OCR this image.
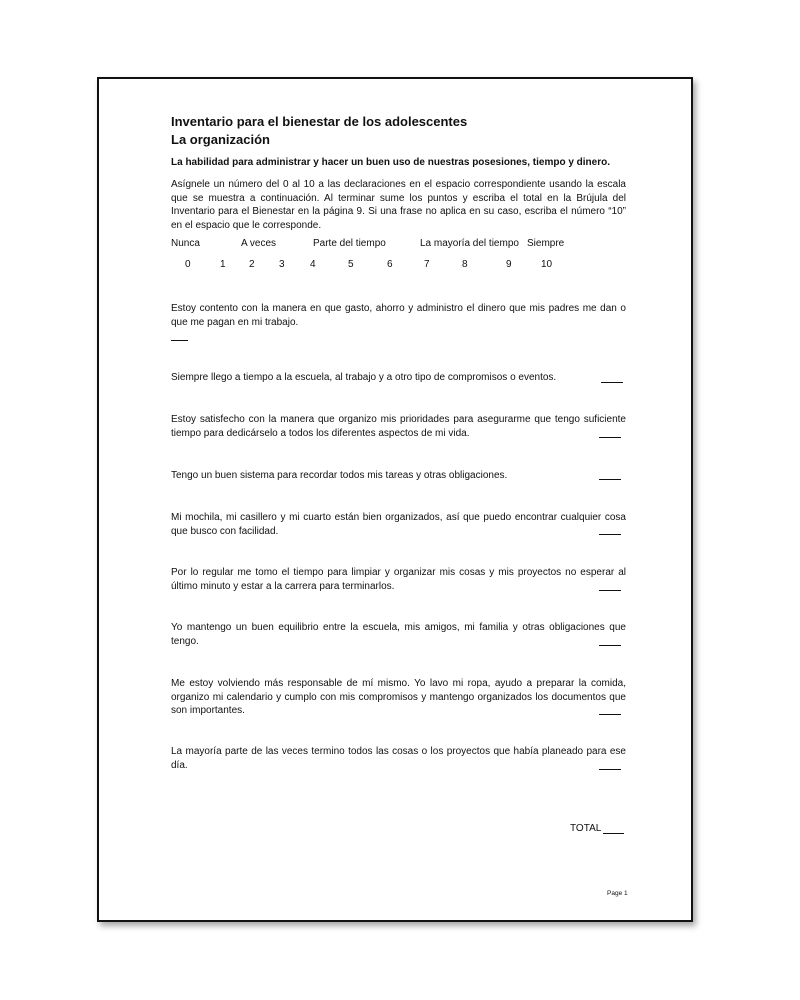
Inventario para el bienestar de los adolescentes
La organización
La habilidad para administrar y hacer un buen uso de nuestras posesiones, tiempo y dinero.
Asígnele un número del 0 al 10 a las declaraciones en el espacio correspondiente usando la escala que se muestra a continuación. Al terminar sume los puntos y escriba el total en la Brújula del Inventario para el Bienestar en la página 9. Si una frase no aplica en su caso, escriba el número “10” en el espacio que le corresponde.
Nunca	A veces	Parte del tiempo	La mayoría del tiempo Siempre
0	1 2 3	4	5	6	7	8	9	10
Estoy contento con la manera en que gasto, ahorro y administro el dinero que mis padres me dan o que me pagan en mi trabajo.
Siempre llego a tiempo a la escuela, al trabajo y a otro tipo de compromisos o eventos.
Estoy satisfecho con la manera que organizo mis prioridades para asegurarme que tengo suficiente tiempo para dedicárselo a todos los diferentes aspectos de mi vida.
Tengo un buen sistema para recordar todos mis tareas y otras obligaciones.
Mi mochila, mi casillero y mi cuarto están bien organizados, así que puedo encontrar cualquier cosa que busco con facilidad.
Por lo regular me tomo el tiempo para limpiar y organizar mis cosas y mis proyectos no esperar al último minuto y estar a la carrera para terminarlos.
Yo mantengo un buen equilibrio entre la escuela, mis amigos, mi familia y otras obligaciones que tengo.
Me estoy volviendo más responsable de mí mismo. Yo lavo mi ropa, ayudo a preparar la comida, organizo mi calendario y cumplo con mis compromisos y mantengo organizados los documentos que son importantes.
La mayoría parte de las veces termino todos las cosas o los proyectos que había planeado para ese día.
TOTAL
Page 1
